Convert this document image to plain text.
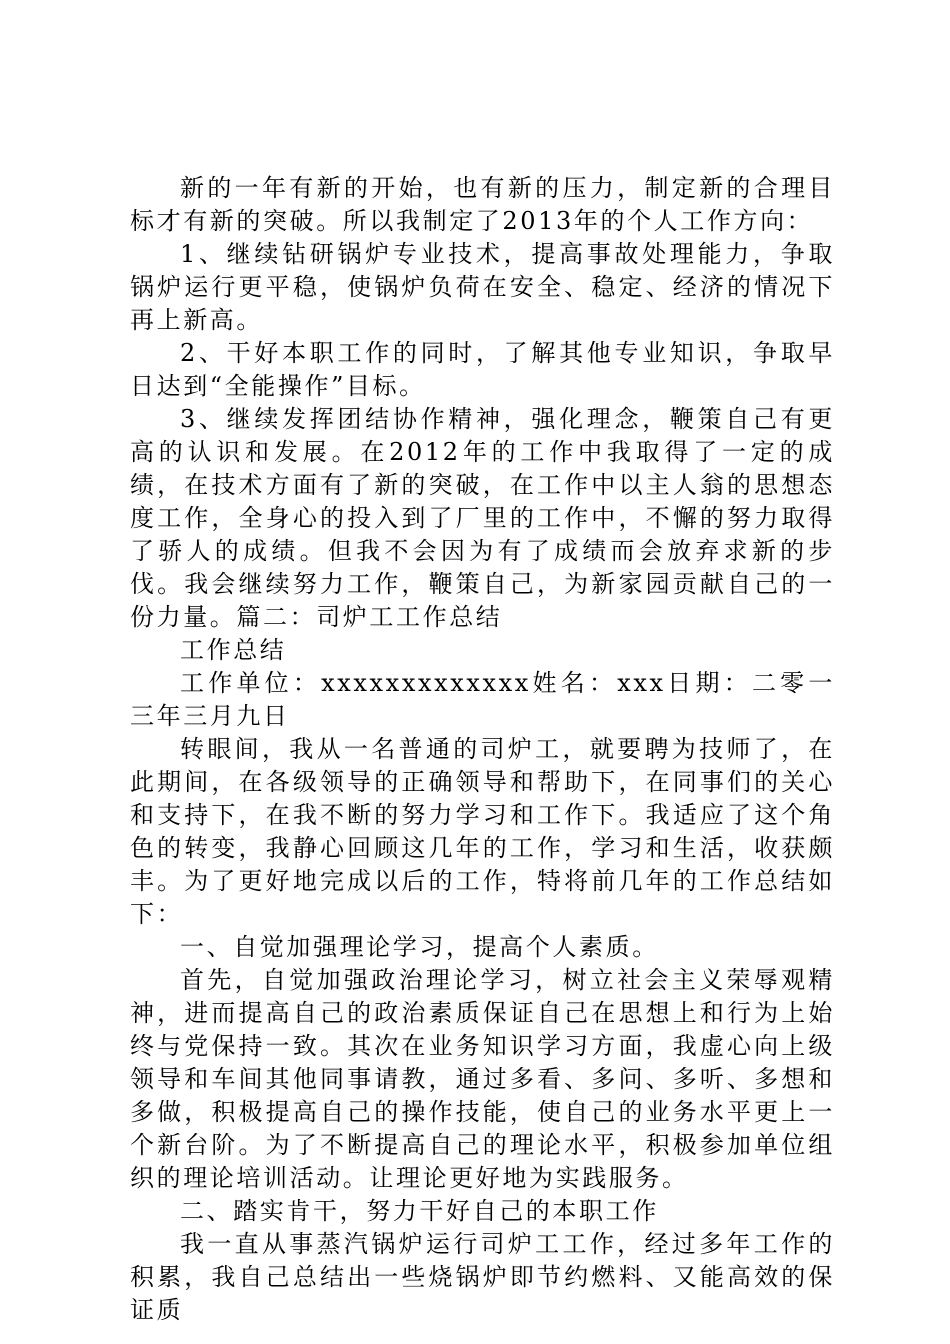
新的一年有新的开始，也有新的压力，制定新的合理目标才有新的突破。所以我制定了2013年的个人工作方向：

1、继续钻研锅炉专业技术，提高事故处理能力，争取锅炉运行更平稳，使锅炉负荷在安全、稳定、经济的情况下再上新高。

2、干好本职工作的同时，了解其他专业知识，争取早日达到“全能操作”目标。

3、继续发挥团结协作精神，强化理念，鞭策自己有更高的认识和发展。在2012年的工作中我取得了一定的成绩，在技术方面有了新的突破，在工作中以主人翁的思想态度工作，全身心的投入到了厂里的工作中，不懈的努力取得了骄人的成绩。但我不会因为有了成绩而会放弃求新的步伐。我会继续努力工作，鞭策自己，为新家园贡献自己的一份力量。篇二：司炉工工作总结

工作总结

工作单位：xxxxxxxxxxxxx姓名：xxx日期：二零一三年三月九日

转眼间，我从一名普通的司炉工，就要聘为技师了，在此期间，在各级领导的正确领导和帮助下，在同事们的关心和支持下，在我不断的努力学习和工作下。我适应了这个角色的转变，我静心回顾这几年的工作，学习和生活，收获颇丰。为了更好地完成以后的工作，特将前几年的工作总结如下：

一、自觉加强理论学习，提高个人素质。

首先，自觉加强政治理论学习，树立社会主义荣辱观精神，进而提高自己的政治素质保证自己在思想上和行为上始终与党保持一致。其次在业务知识学习方面，我虚心向上级领导和车间其他同事请教，通过多看、多问、多听、多想和多做，积极提高自己的操作技能，使自己的业务水平更上一个新台阶。为了不断提高自己的理论水平，积极参加单位组织的理论培训活动。让理论更好地为实践服务。

二、踏实肯干，努力干好自己的本职工作

我一直从事蒸汽锅炉运行司炉工工作，经过多年工作的积累，我自己总结出一些烧锅炉即节约燃料、又能高效的保证质
